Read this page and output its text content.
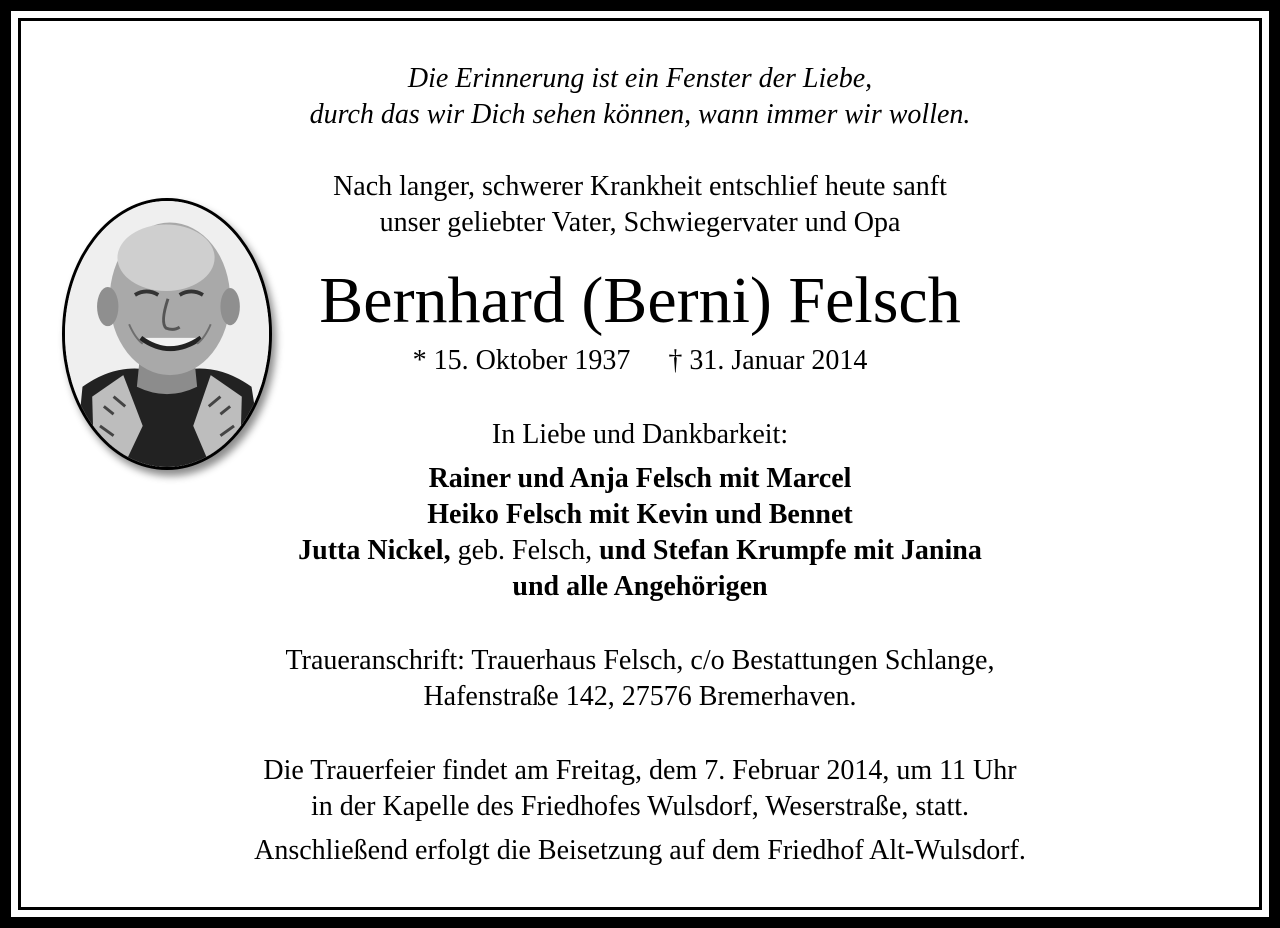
Die Erinnerung ist ein Fenster der Liebe,
durch das wir Dich sehen können, wann immer wir wollen.
Nach langer, schwerer Krankheit entschlief heute sanft
unser geliebter Vater, Schwiegervater und Opa
Bernhard (Berni) Felsch
* 15. Oktober 1937 † 31. Januar 2014
In Liebe und Dankbarkeit:
Rainer und Anja Felsch mit Marcel
Heiko Felsch mit Kevin und Bennet
Jutta Nickel, geb. Felsch, und Stefan Krumpfe mit Janina
und alle Angehörigen
Traueranschrift: Trauerhaus Felsch, c/o Bestattungen Schlange,
Hafenstraße 142, 27576 Bremerhaven.
Die Trauerfeier findet am Freitag, dem 7. Februar 2014, um 11 Uhr
in der Kapelle des Friedhofes Wulsdorf, Weserstraße, statt.
Anschließend erfolgt die Beisetzung auf dem Friedhof Alt-Wulsdorf.
